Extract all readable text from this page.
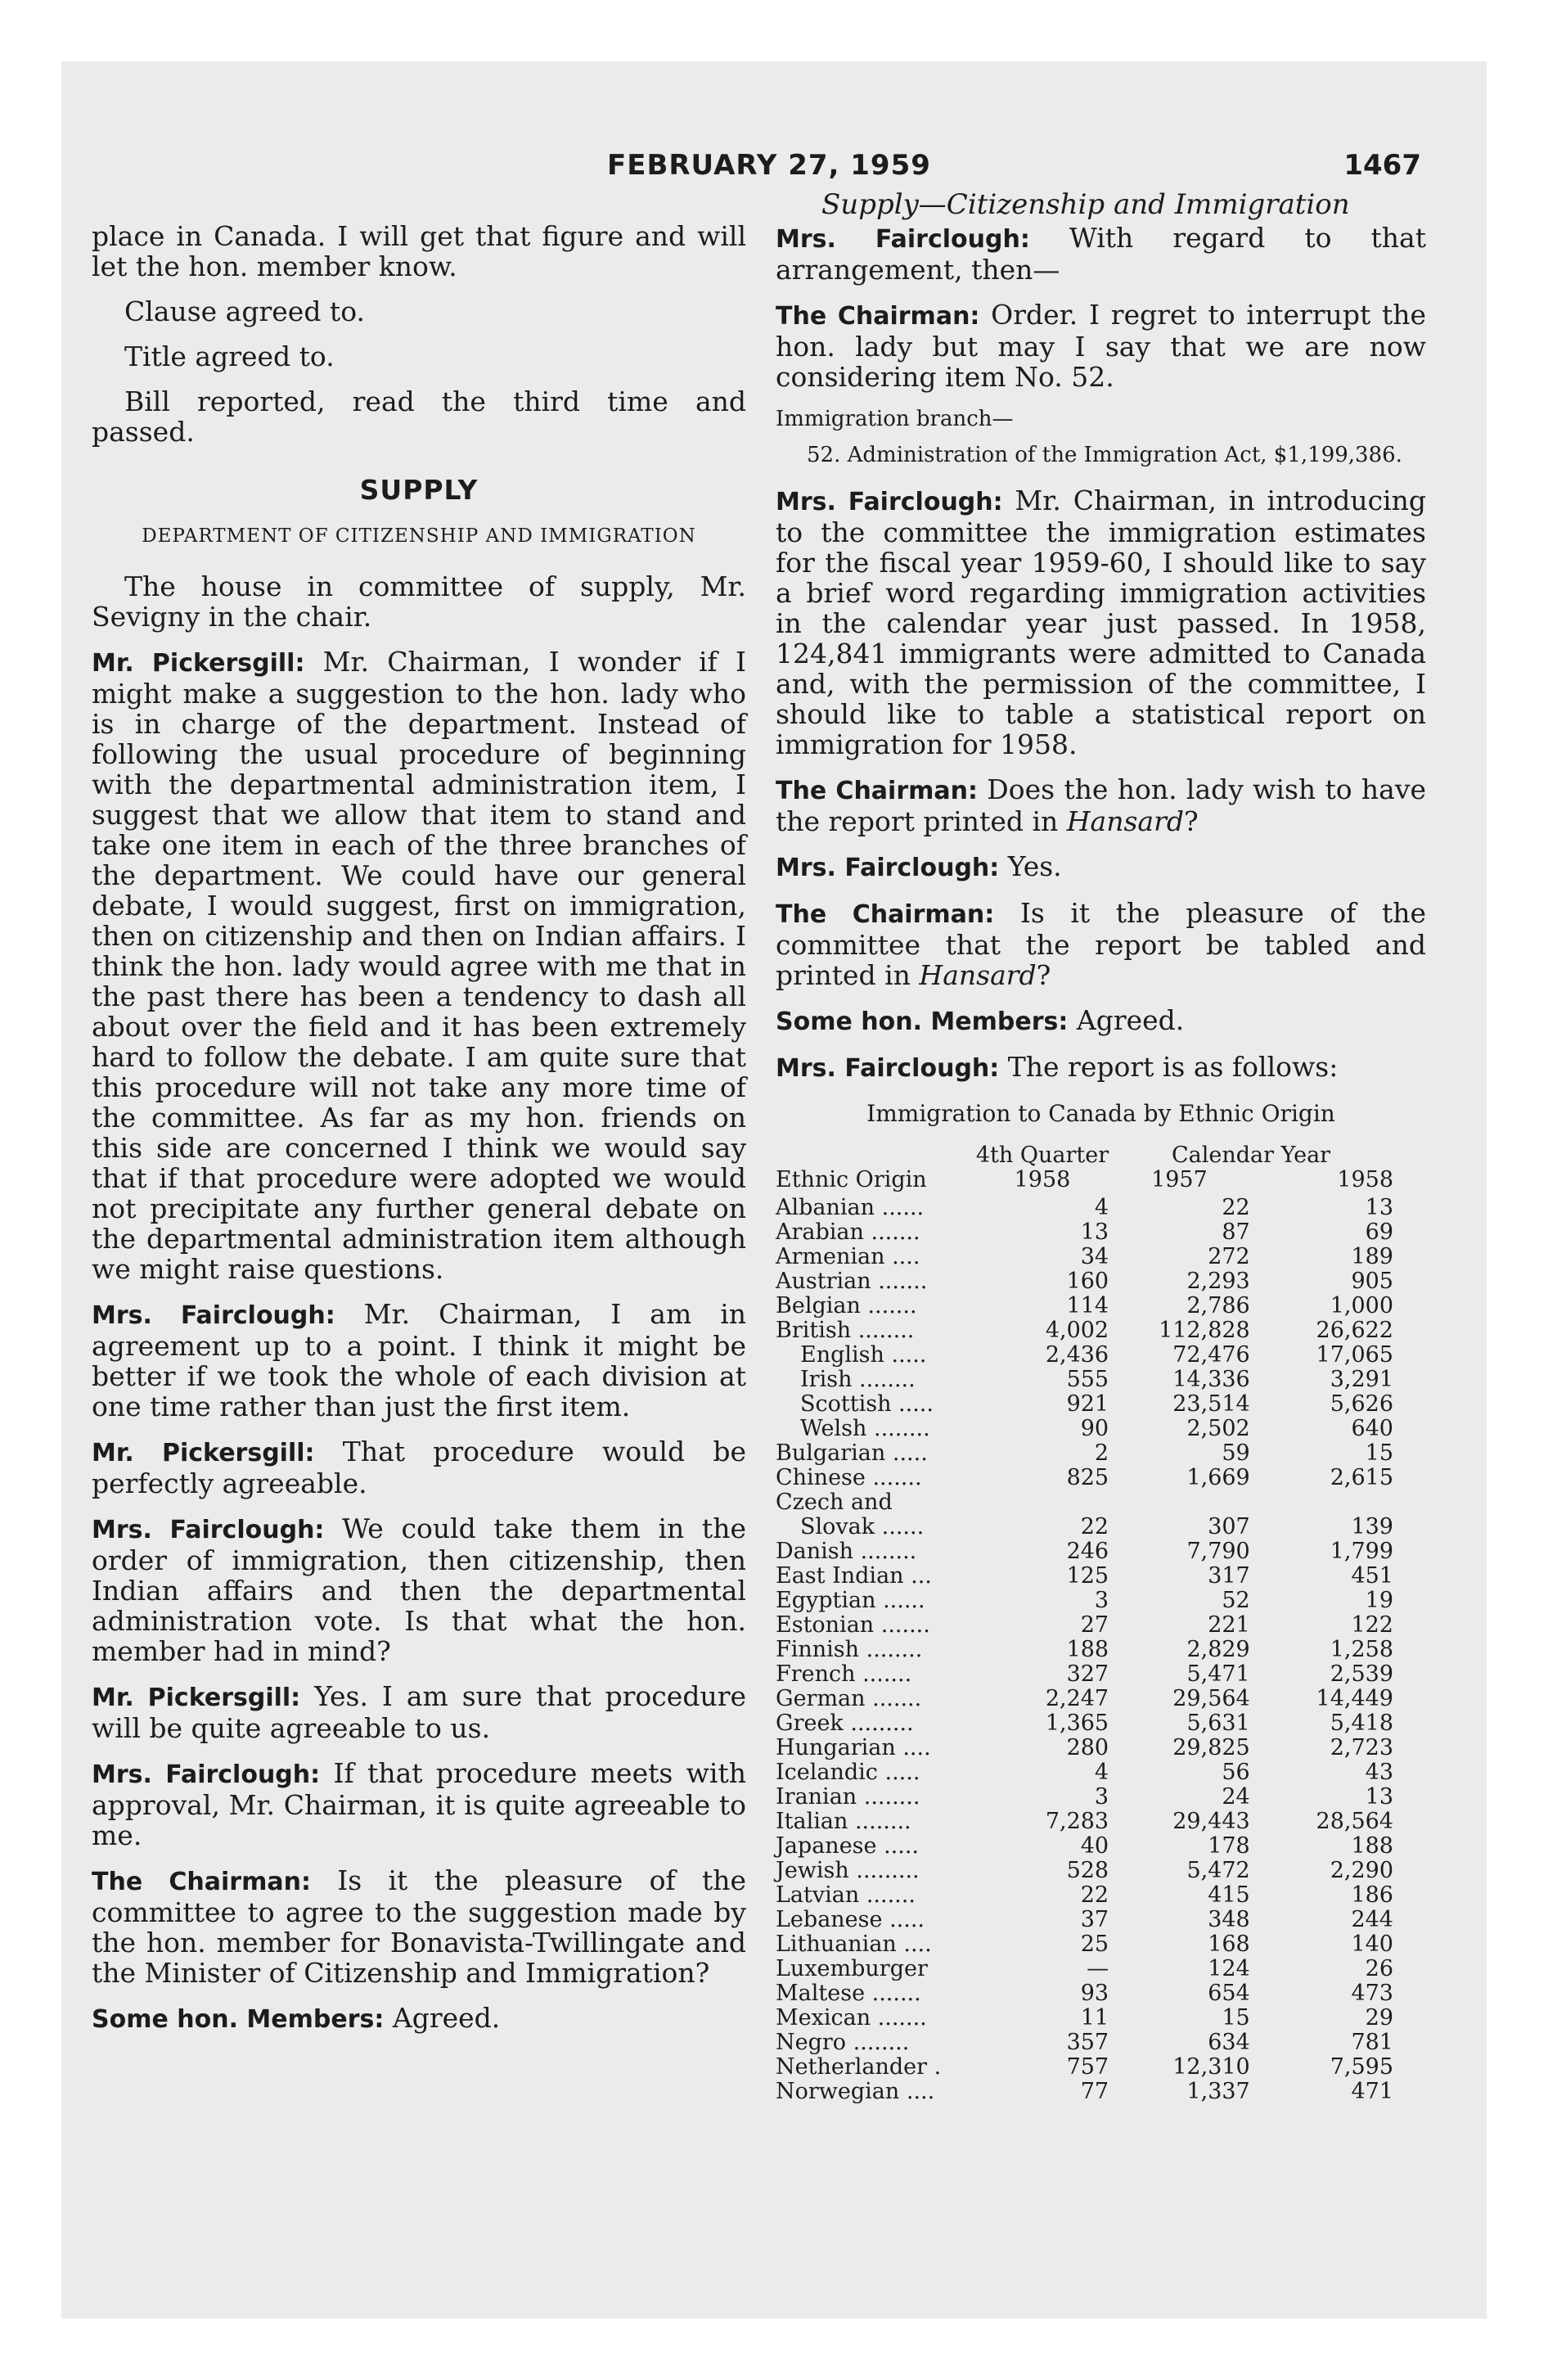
FEBRUARY 27, 1959	1467
Supply—Citizenship and Immigration

place in Canada. I will get that figure and will let the hon. member know.

Clause agreed to.

Title agreed to.

Bill reported, read the third time and passed.

SUPPLY

DEPARTMENT OF CITIZENSHIP AND IMMIGRATION

The house in committee of supply, Mr. Sevigny in the chair.

Mr. Pickersgill: Mr. Chairman, I wonder if I might make a suggestion to the hon. lady who is in charge of the department. Instead of following the usual procedure of beginning with the departmental administration item, I suggest that we allow that item to stand and take one item in each of the three branches of the department. We could have our general debate, I would suggest, first on immigration, then on citizenship and then on Indian affairs. I think the hon. lady would agree with me that in the past there has been a tendency to dash all about over the field and it has been extremely hard to follow the debate. I am quite sure that this procedure will not take any more time of the committee. As far as my hon. friends on this side are concerned I think we would say that if that procedure were adopted we would not precipitate any further general debate on the departmental administration item although we might raise questions.

Mrs. Fairclough: Mr. Chairman, I am in agreement up to a point. I think it might be better if we took the whole of each division at one time rather than just the first item.

Mr. Pickersgill: That procedure would be perfectly agreeable.

Mrs. Fairclough: We could take them in the order of immigration, then citizenship, then Indian affairs and then the departmental administration vote. Is that what the hon. member had in mind?

Mr. Pickersgill: Yes. I am sure that procedure will be quite agreeable to us.

Mrs. Fairclough: If that procedure meets with approval, Mr. Chairman, it is quite agreeable to me.

The Chairman: Is it the pleasure of the committee to agree to the suggestion made by the hon. member for Bonavista-Twillingate and the Minister of Citizenship and Immigration?

Some hon. Members: Agreed.

Mrs. Fairclough: With regard to that arrangement, then—

The Chairman: Order. I regret to interrupt the hon. lady but may I say that we are now considering item No. 52.

Immigration branch—

52. Administration of the Immigration Act, $1,199,386.

Mrs. Fairclough: Mr. Chairman, in introducing to the committee the immigration estimates for the fiscal year 1959-60, I should like to say a brief word regarding immigration activities in the calendar year just passed. In 1958, 124,841 immigrants were admitted to Canada and, with the permission of the committee, I should like to table a statistical report on immigration for 1958.

The Chairman: Does the hon. lady wish to have the report printed in Hansard?

Mrs. Fairclough: Yes.

The Chairman: Is it the pleasure of the committee that the report be tabled and printed in Hansard?

Some hon. Members: Agreed.

Mrs. Fairclough: The report is as follows:

Immigration to Canada by Ethnic Origin

	4th Quarter	Calendar Year	
Ethnic Origin	1958	1957	1958
Albanian ......	4	22	13
Arabian .......	13	87	69
Armenian ....	34	272	189
Austrian .......	160	2,293	905
Belgian .......	114	2,786	1,000
British ........	4,002	112,828	26,622
English .....	2,436	72,476	17,065
Irish ........	555	14,336	3,291
Scottish .....	921	23,514	5,626
Welsh ........	90	2,502	640
Bulgarian .....	2	59	15
Chinese .......	825	1,669	2,615
Czech and			
Slovak ......	22	307	139
Danish ........	246	7,790	1,799
East Indian ...	125	317	451
Egyptian ......	3	52	19
Estonian .......	27	221	122
Finnish ........	188	2,829	1,258
French .......	327	5,471	2,539
German .......	2,247	29,564	14,449
Greek .........	1,365	5,631	5,418
Hungarian ....	280	29,825	2,723
Icelandic .....	4	56	43
Iranian ........	3	24	13
Italian ........	7,283	29,443	28,564
Japanese .....	40	178	188
Jewish .........	528	5,472	2,290
Latvian .......	22	415	186
Lebanese .....	37	348	244
Lithuanian ....	25	168	140
Luxemburger	—	124	26
Maltese .......	93	654	473
Mexican .......	11	15	29
Negro ........	357	634	781
Netherlander .	757	12,310	7,595
Norwegian ....	77	1,337	471
